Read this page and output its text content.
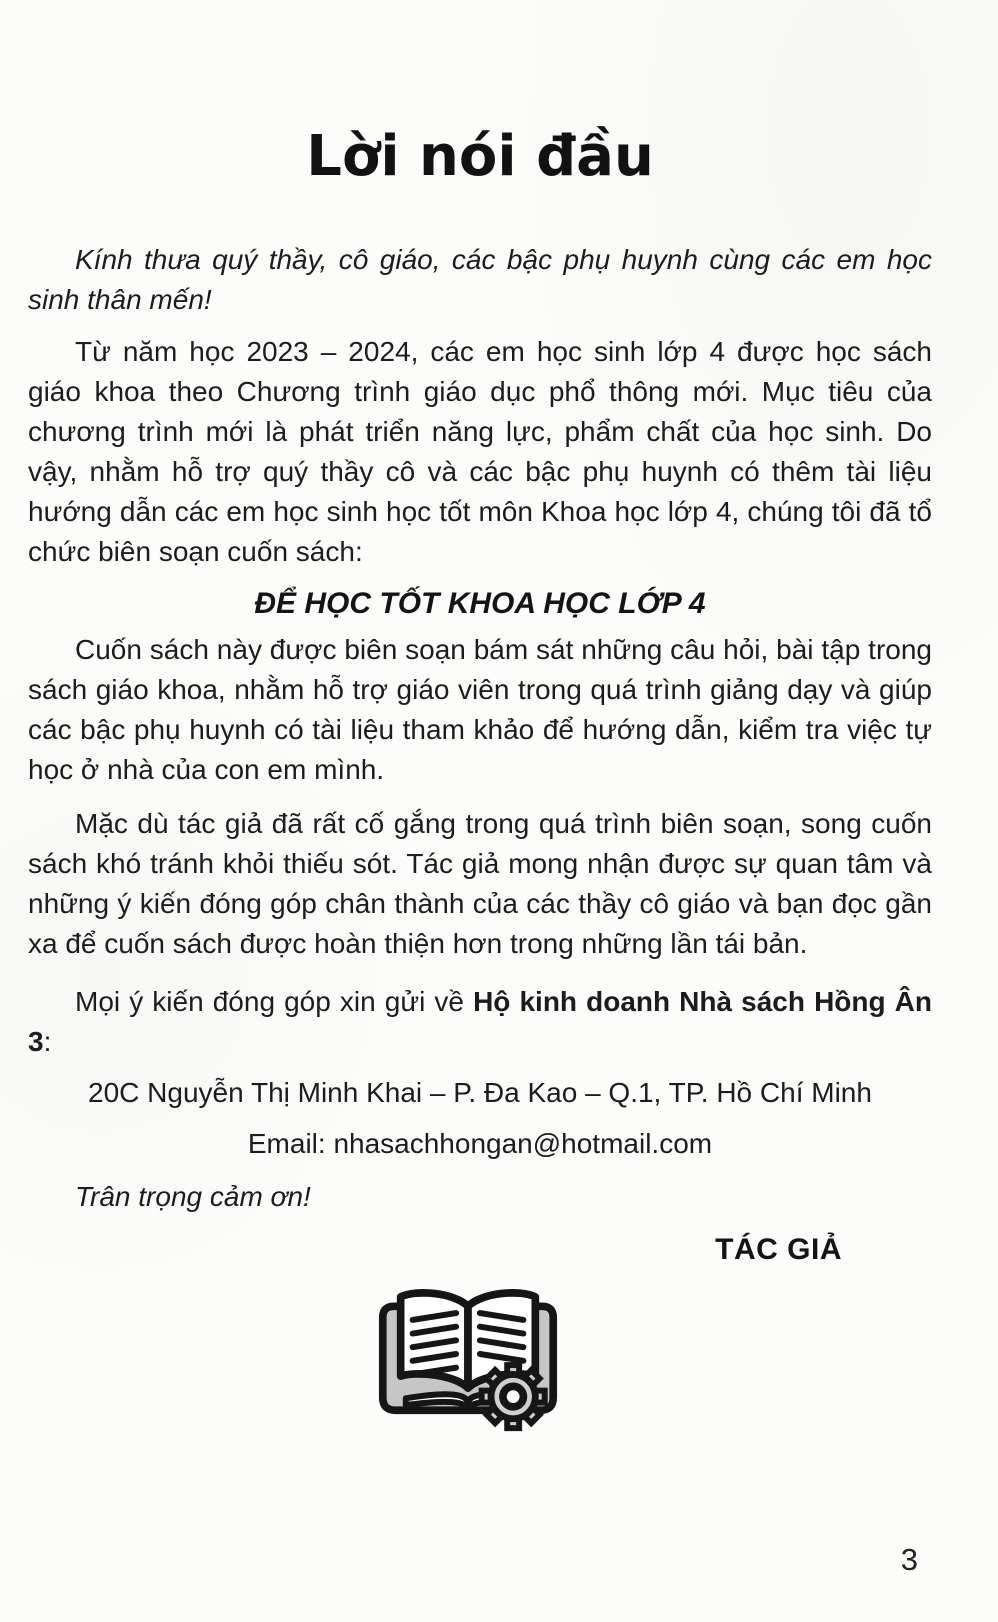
Lời nói đầu

Kính thưa quý thầy, cô giáo, các bậc phụ huynh cùng các em học sinh thân mến!

Từ năm học 2023 – 2024, các em học sinh lớp 4 được học sách giáo khoa theo Chương trình giáo dục phổ thông mới. Mục tiêu của chương trình mới là phát triển năng lực, phẩm chất của học sinh. Do vậy, nhằm hỗ trợ quý thầy cô và các bậc phụ huynh có thêm tài liệu hướng dẫn các em học sinh học tốt môn Khoa học lớp 4, chúng tôi đã tổ chức biên soạn cuốn sách:

ĐỂ HỌC TỐT KHOA HỌC LỚP 4

Cuốn sách này được biên soạn bám sát những câu hỏi, bài tập trong sách giáo khoa, nhằm hỗ trợ giáo viên trong quá trình giảng dạy và giúp các bậc phụ huynh có tài liệu tham khảo để hướng dẫn, kiểm tra việc tự học ở nhà của con em mình.

Mặc dù tác giả đã rất cố gắng trong quá trình biên soạn, song cuốn sách khó tránh khỏi thiếu sót. Tác giả mong nhận được sự quan tâm và những ý kiến đóng góp chân thành của các thầy cô giáo và bạn đọc gần xa để cuốn sách được hoàn thiện hơn trong những lần tái bản.

Mọi ý kiến đóng góp xin gửi về Hộ kinh doanh Nhà sách Hồng Ân 3:

20C Nguyễn Thị Minh Khai – P. Đa Kao – Q.1, TP. Hồ Chí Minh

Email: nhasachhongan@hotmail.com

Trân trọng cảm ơn!

TÁC GIẢ

3
